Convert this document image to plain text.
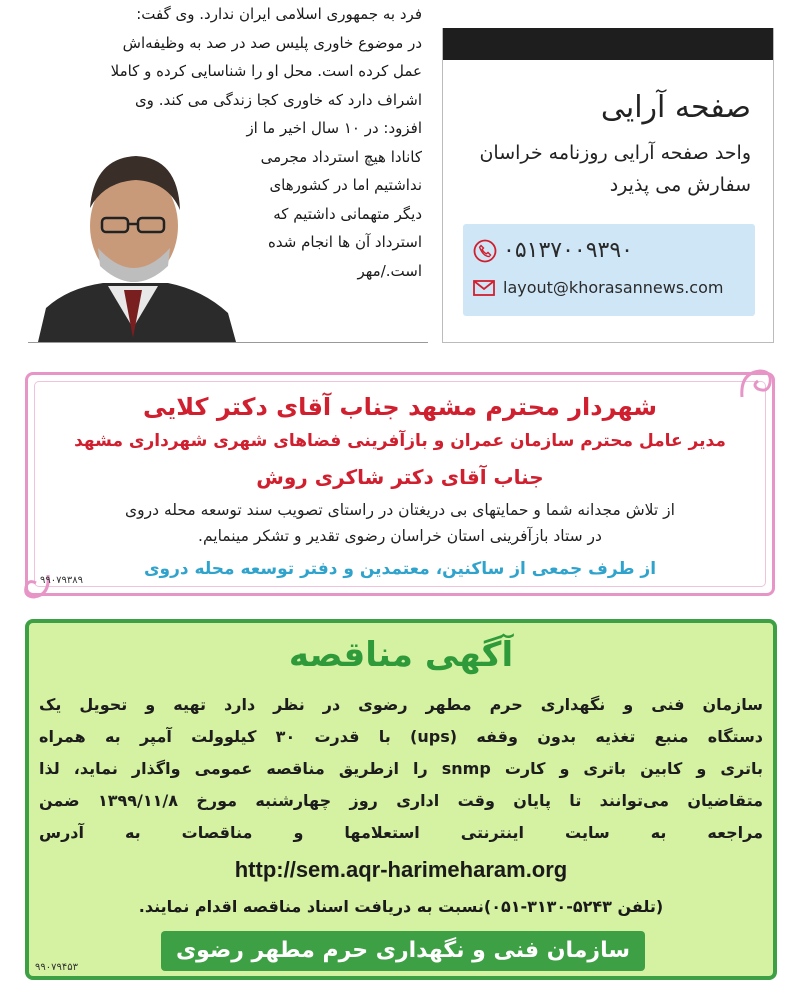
فرد به جمهوری اسلامی ایران ندارد. وی گفت:
در موضوع خاوری پلیس صد در صد به وظیفه‌اش
عمل کرده است. محل او را شناسایی کرده و کاملا
اشراف دارد که خاوری کجا زندگی می کند. وی
افزود: در ۱۰ سال اخیر ما از
کانادا هیچ استرداد مجرمی
نداشتیم اما در کشورهای
دیگر متهمانی داشتیم که
استرداد آن ها انجام شده
است./مهر

صفحه آرایی
واحد صفحه آرایی روزنامه خراسان
سفارش می پذیرد
۰۵۱۳۷۰۰۹۳۹۰
layout@khorasannews.com
شهردار محترم مشهد جناب آقای دکتر کلایی
مدیر عامل محترم سازمان عمران و بازآفرینی فضاهای شهری شهرداری مشهد
جناب آقای دکتر شاکری روش
از تلاش مجدانه شما و حمایتهای بی دریغتان در راستای تصویب سند توسعه محله دروی
در ستاد بازآفرینی استان خراسان رضوی تقدیر و تشکر مینمایم.
از طرف جمعی از ساکنین، معتمدین و دفتر توسعه محله دروی
۹۹۰۷۹۳۸۹
آگهی مناقصه
سازمان فنی و نگهداری حرم مطهر رضوی در نظر دارد تهیه و تحویل یک
دستگاه منبع تغذیه بدون وقفه (ups) با قدرت ۳۰ کیلوولت آمپر به همراه
باتری و کابین باتری و کارت snmp را ازطریق مناقصه عمومی واگذار نماید، لذا
متقاضیان می‌توانند تا پایان وقت اداری روز چهارشنبه مورخ ۱۳۹۹/۱۱/۸ ضمن
مراجعه به سایت اینترنتی استعلامها و مناقصات به آدرس
http://sem.aqr-harimeharam.org
(تلفن ۵۲۴۳-۳۱۳۰-۰۵۱)نسبت به دریافت اسناد مناقصه اقدام نمایند.
سازمان فنی و نگهداری حرم مطهر رضوی
۹۹۰۷۹۴۵۳
